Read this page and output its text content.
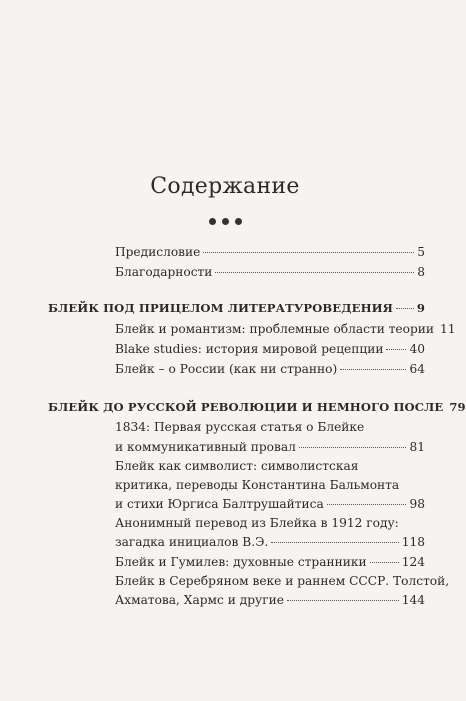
Содержание
Предисловие	5
Благодарности	8
БЛЕЙК ПОД ПРИЦЕЛОМ ЛИТЕРАТУРОВЕДЕНИЯ 9
Блейк и романтизм: проблемные области теории 11
Blake studies: история мировой рецепции 40
Блейк – о России (как ни странно)	64
БЛЕЙК ДО РУССКОЙ РЕВОЛЮЦИИ И НЕМНОГО ПОСЛЕ 79
1834: Первая русская статья о Блейке
и коммуникативный провал	81
Блейк как символист: символистская
критика, переводы Константина Бальмонта
и стихи Юргиса Балтрушайтиса	98
Анонимный перевод из Блейка в 1912 году:
загадка инициалов В.Э.	118
Блейк и Гумилев: духовные странники	124
Блейк в Серебряном веке и раннем СССР. Толстой,
Ахматова, Хармс и другие	144
